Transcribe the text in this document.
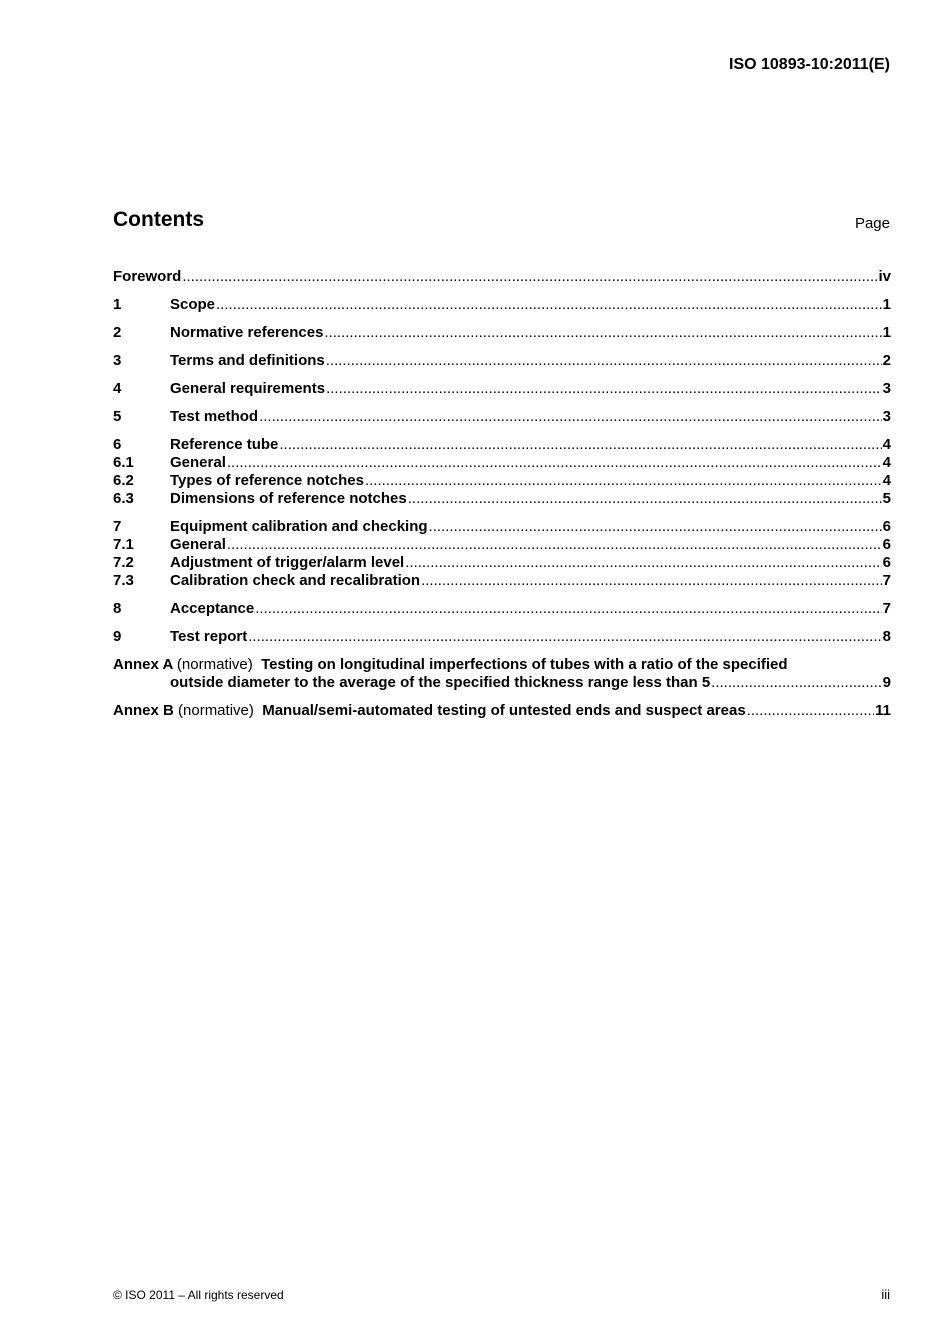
ISO 10893-10:2011(E)
Contents	Page
Foreword .....	iv
1	Scope .....	1
2	Normative references .....	1
3	Terms and definitions .....	2
4	General requirements .....	3
5	Test method .....	3
6	Reference tube .....	4
6.1	General .....	4
6.2	Types of reference notches .....	4
6.3	Dimensions of reference notches .....	5
7	Equipment calibration and checking .....	6
7.1	General .....	6
7.2	Adjustment of trigger/alarm level .....	6
7.3	Calibration check and recalibration .....	7
8	Acceptance .....	7
9	Test report .....	8
Annex A (normative) Testing on longitudinal imperfections of tubes with a ratio of the specified
outside diameter to the average of the specified thickness range less than 5 .....	9
Annex B (normative) Manual/semi-automated testing of untested ends and suspect areas .....	11
© ISO 2011 – All rights reserved	iii
